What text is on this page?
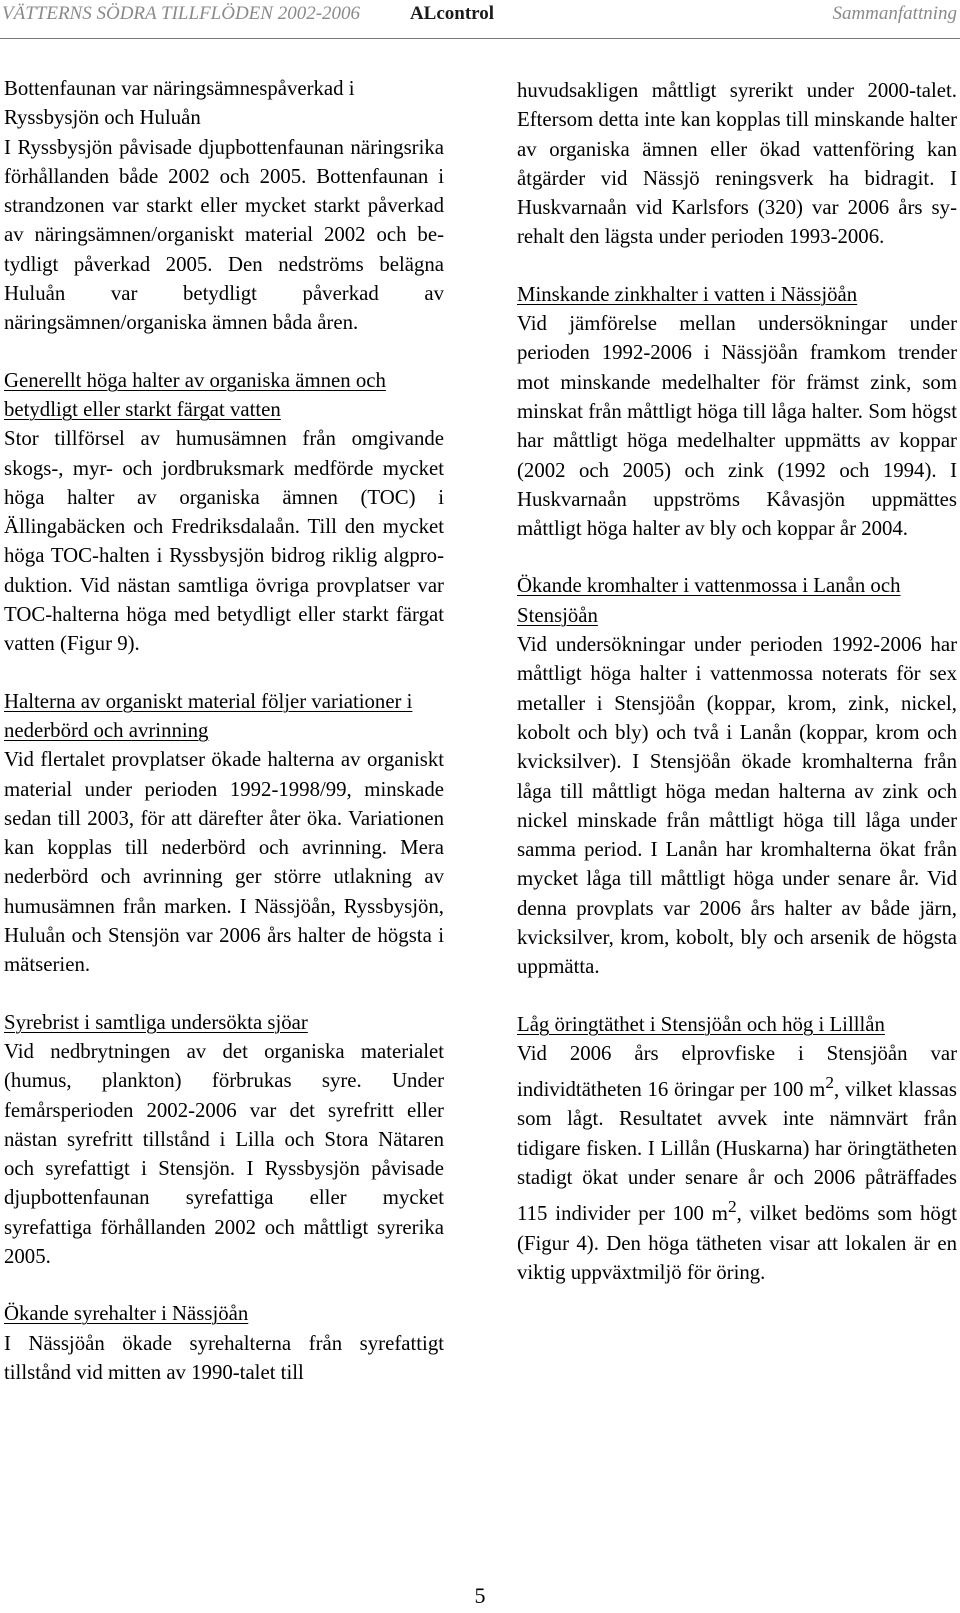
VÄTTERNS SÖDRA TILLFLÖDEN 2002-2006	ALcontrol	Sammanfattning
Bottenfaunan var näringsämnespåverkad i Ryssbysjön och Huluån
I Ryssbysjön påvisade djupbottenfaunan näringsrika förhållanden både 2002 och 2005. Bottenfaunan i strandzonen var starkt eller mycket starkt påverkad av näringsämnen/organiskt material 2002 och betydligt påverkad 2005. Den nedströms belägna Huluån var betydligt påverkad av näringsämnen/organiska ämnen båda åren.
Generellt höga halter av organiska ämnen och betydligt eller starkt färgat vatten
Stor tillförsel av humusämnen från omgivande skogs-, myr- och jordbruksmark medförde mycket höga halter av organiska ämnen (TOC) i Ällingabäcken och Fredriksdalaån. Till den mycket höga TOC-halten i Ryssbysjön bidrog riklig algproduktion. Vid nästan samtliga övriga provplatser var TOC-halterna höga med betydligt eller starkt färgat vatten (Figur 9).
Halterna av organiskt material följer variationer i nederbörd och avrinning
Vid flertalet provplatser ökade halterna av organiskt material under perioden 1992-1998/99, minskade sedan till 2003, för att därefter åter öka. Variationen kan kopplas till nederbörd och avrinning. Mera nederbörd och avrinning ger större utlakning av humusämnen från marken. I Nässjöån, Ryssbysjön, Huluån och Stensjön var 2006 års halter de högsta i mätserien.
Syrebrist i samtliga undersökta sjöar
Vid nedbrytningen av det organiska materialet (humus, plankton) förbrukas syre. Under femårsperioden 2002-2006 var det syrefritt eller nästan syrefritt tillstånd i Lilla och Stora Nätaren och syrefattigt i Stensjön. I Ryssbysjön påvisade djupbottenfaunan syrefattiga eller mycket syrefattiga förhållanden 2002 och måttligt syrerika 2005.
Ökande syrehalter i Nässjöån
I Nässjöån ökade syrehalterna från syrefattigt tillstånd vid mitten av 1990-talet till
huvudsakligen måttligt syrerikt under 2000-talet. Eftersom detta inte kan kopplas till minskande halter av organiska ämnen eller ökad vattenföring kan åtgärder vid Nässjö reningsverk ha bidragit. I Huskvarnaån vid Karlsfors (320) var 2006 års syrehalt den lägsta under perioden 1993-2006.
Minskande zinkhalter i vatten i Nässjöån
Vid jämförelse mellan undersökningar under perioden 1992-2006 i Nässjöån framkom trender mot minskande medelhalter för främst zink, som minskat från måttligt höga till låga halter. Som högst har måttligt höga medelhalter uppmätts av koppar (2002 och 2005) och zink (1992 och 1994). I Huskvarnaån uppströms Kåvasjön uppmättes måttligt höga halter av bly och koppar år 2004.
Ökande kromhalter i vattenmossa i Lanån och Stensjöån
Vid undersökningar under perioden 1992-2006 har måttligt höga halter i vattenmossa noterats för sex metaller i Stensjöån (koppar, krom, zink, nickel, kobolt och bly) och två i Lanån (koppar, krom och kvicksilver). I Stensjöån ökade kromhalterna från låga till måttligt höga medan halterna av zink och nickel minskade från måttligt höga till låga under samma period. I Lanån har kromhalterna ökat från mycket låga till måttligt höga under senare år. Vid denna provplats var 2006 års halter av både järn, kvicksilver, krom, kobolt, bly och arsenik de högsta uppmätta.
Låg öringtäthet i Stensjöån och hög i Lilllån
Vid 2006 års elprovfiske i Stensjöån var individtätheten 16 öringar per 100 $m^2$, vilket klassas som lågt. Resultatet avvek inte nämnvärt från tidigare fisken. I Lillån (Huskarna) har öringtätheten stadigt ökat under senare år och 2006 påträffades 115 individer per 100 $m^2$, vilket bedöms som högt (Figur 4). Den höga tätheten visar att lokalen är en viktig uppväxtmiljö för öring.
5
